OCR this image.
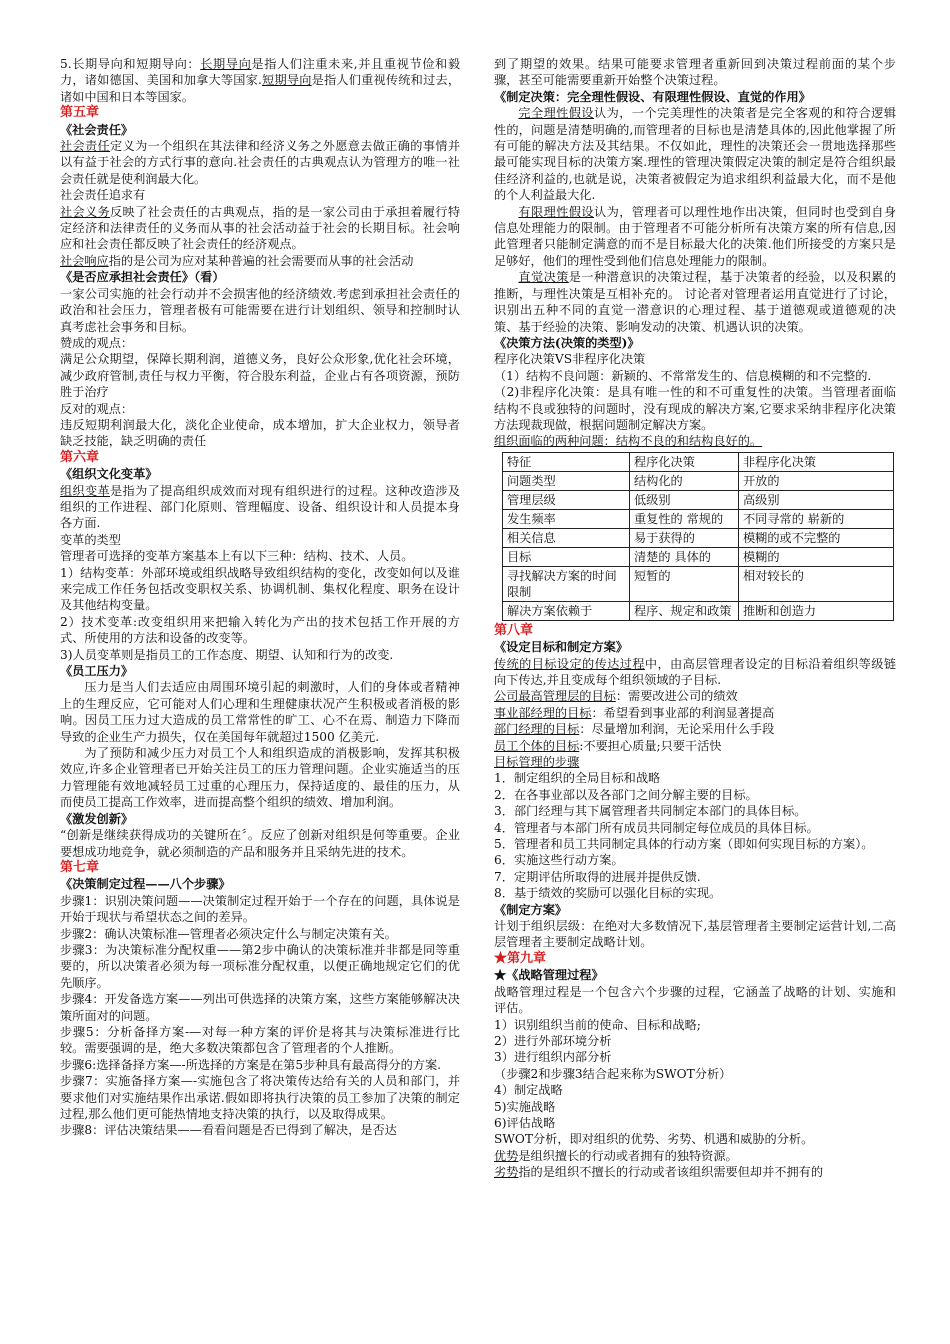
5.长期导向和短期导向：长期导向是指人们注重未来,并且重视节俭和毅力，诸如德国、美国和加拿大等国家.短期导向是指人们重视传统和过去，诸如中国和日本等国家。

第五章

《社会责任》

社会责任定义为一个组织在其法律和经济义务之外愿意去做正确的事情并以有益于社会的方式行事的意向.社会责任的古典观点认为管理方的唯一社会责任就是使利润最大化。

社会责任追求有

社会义务反映了社会责任的古典观点，指的是一家公司由于承担着履行特定经济和法律责任的义务而从事的社会活动益于社会的长期目标。社会响应和社会责任都反映了社会责任的经济观点。

社会响应指的是公司为应对某种普遍的社会需要而从事的社会活动

《是否应承担社会责任》（看）

一家公司实施的社会行动并不会损害他的经济绩效.考虑到承担社会责任的政治和社会压力，管理者极有可能需要在进行计划组织、领导和控制时认真考虑社会事务和目标。

赞成的观点：

满足公众期望，保障长期利润，道德义务，良好公众形象,优化社会环境，减少政府管制,责任与权力平衡，符合股东利益，企业占有各项资源，预防胜于治疗

反对的观点：

违反短期利润最大化，淡化企业使命，成本增加，扩大企业权力，领导者缺乏技能，缺乏明确的责任

第六章

《组织文化变革》

组织变革是指为了提高组织成效而对现有组织进行的过程。这种改造涉及组织的工作进程、部门化原则、管理幅度、设备、组织设计和人员提本身各方面.

变革的类型

管理者可选择的变革方案基本上有以下三种：结构、技术、人员。

1）结构变革：外部环境或组织战略导致组织结构的变化，改变如何以及谁来完成工作任务包括改变职权关系、协调机制、集权化程度、职务在设计及其他结构变量。

2）技术变革:改变组织用来把输入转化为产出的技术包括工作开展的方式、所使用的方法和设备的改变等。

3)人员变革则是指员工的工作态度、期望、认知和行为的改变.

《员工压力》

压力是当人们去适应由周围环境引起的刺激时，人们的身体或者精神上的生理反应，它可能对人们心理和生理健康状况产生积极或者消极的影响。因员工压力过大造成的员工常常性的旷工、心不在焉、制造力下降而导致的企业生产力损失，仅在美国每年就超过1500 亿美元.

为了预防和减少压力对员工个人和组织造成的消极影响，发挥其积极效应,许多企业管理者已开始关注员工的压力管理问题。企业实施适当的压力管理能有效地减轻员工过重的心理压力，保持适度的、最佳的压力，从而使员工提高工作效率，进而提高整个组织的绩效、增加利润。

《激发创新》

“创新是继续获得成功的关键所在〞。反应了创新对组织是何等重要。企业要想成功地竞争，就必须制造的产品和服务并且采纳先进的技术。

第七章

《决策制定过程——八个步骤》

步骤1：识别决策问题——决策制定过程开始于一个存在的问题，具体说是开始于现状与希望状态之间的差异。

步骤2：确认决策标准—管理者必须决定什么与制定决策有关。

步骤3：为决策标准分配权重——第2步中确认的决策标准并非都是同等重要的，所以决策者必须为每一项标准分配权重，以便正确地规定它们的优先顺序。

步骤4：开发备选方案——列出可供选择的决策方案，这些方案能够解决决策所面对的问题。

步骤5：分析备择方案-—对每一种方案的评价是将其与决策标准进行比较。需要强调的是，绝大多数决策都包含了管理者的个人推断。

步骤6:选择备择方案—-所选择的方案是在第5步种具有最高得分的方案.

步骤7：实施备择方案—-实施包含了将决策传达给有关的人员和部门，并要求他们对实施结果作出承诺.假如即将执行决策的员工参加了决策的制定过程,那么他们更可能热情地支持决策的执行，以及取得成果。

步骤8：评估决策结果——看看问题是否已得到了解决，是否达

到了期望的效果。结果可能要求管理者重新回到决策过程前面的某个步骤，甚至可能需要重新开始整个决策过程。

《制定决策：完全理性假设、有限理性假设、直觉的作用》

完全理性假设认为，一个完美理性的决策者是完全客观的和符合逻辑性的，问题是清楚明确的,而管理者的目标也是清楚具体的,因此他掌握了所有可能的解决方法及其结果。不仅如此，理性的决策还会一贯地选择那些最可能实现目标的决策方案.理性的管理决策假定决策的制定是符合组织最佳经济利益的,也就是说，决策者被假定为追求组织利益最大化，而不是他的个人利益最大化.

有限理性假设认为，管理者可以理性地作出决策，但同时也受到自身信息处理能力的限制。由于管理者不可能分析所有决策方案的所有信息,因此管理者只能制定满意的而不是目标最大化的决策.他们所接受的方案只是足够好，他们的理性受到他们信息处理能力的限制。

直觉决策是一种潜意识的决策过程，基于决策者的经验，以及积累的推断，与理性决策是互相补充的。 讨论者对管理者运用直觉进行了讨论，识别出五种不同的直觉一潜意识的心理过程、基于道德观或道德观的决策、基于经验的决策、影响发动的决策、机遇认识的决策。

《决策方法(决策的类型)》

程序化决策VS非程序化决策

（1）结构不良问题：新颖的、不常常发生的、信息模糊的和不完整的.

（2)非程序化决策：是具有唯一性的和不可重复性的决策。当管理者面临结构不良或独特的问题时，没有现成的解决方案,它要求采纳非程序化决策方法现裁现做，根据问题制定解决方案。

组织面临的两种问题：结构不良的和结构良好的。

特征	程序化决策	非程序化决策
问题类型	结构化的	开放的
管理层级	低级别	高级别
发生频率	重复性的 常规的	不同寻常的 崭新的
相关信息	易于获得的	模糊的或不完整的
目标	清楚的 具体的	模糊的
寻找解决方案的时间限制	短暂的	相对较长的
解决方案依赖于	程序、规定和政策	推断和创造力

第八章

《设定目标和制定方案》

传统的目标设定的传达过程中，由高层管理者设定的目标沿着组织等级链向下传达,并且变成每个组织领域的子目标.

公司最高管理层的目标：需要改进公司的绩效

事业部经理的目标：希望看到事业部的利润显著提高

部门经理的目标：尽量增加利润，无论采用什么手段

员工个体的目标:不要担心质量;只要干活快

目标管理的步骤

1．制定组织的全局目标和战略

2．在各事业部以及各部门之间分解主要的目标。

3．部门经理与其下属管理者共同制定本部门的具体目标。

4．管理者与本部门所有成员共同制定每位成员的具体目标。

5．管理者和员工共同制定具体的行动方案（即如何实现目标的方案）。

6．实施这些行动方案。

7．定期评估所取得的进展并提供反馈.

8．基于绩效的奖励可以强化目标的实现。

《制定方案》

计划于组织层级：在绝对大多数情况下,基层管理者主要制定运营计划,二高层管理者主要制定战略计划。

★第九章

★《战略管理过程》

战略管理过程是一个包含六个步骤的过程，它涵盖了战略的计划、实施和评估。

1）识别组织当前的使命、目标和战略;

2）进行外部环境分析

3）进行组织内部分析

（步骤2和步骤3结合起来称为SWOT分析）

4）制定战略

5)实施战略

6)评估战略

SWOT分析，即对组织的优势、劣势、机遇和威胁的分析。

优势是组织擅长的行动或者拥有的独特资源。

劣势指的是组织不擅长的行动或者该组织需要但却并不拥有的
